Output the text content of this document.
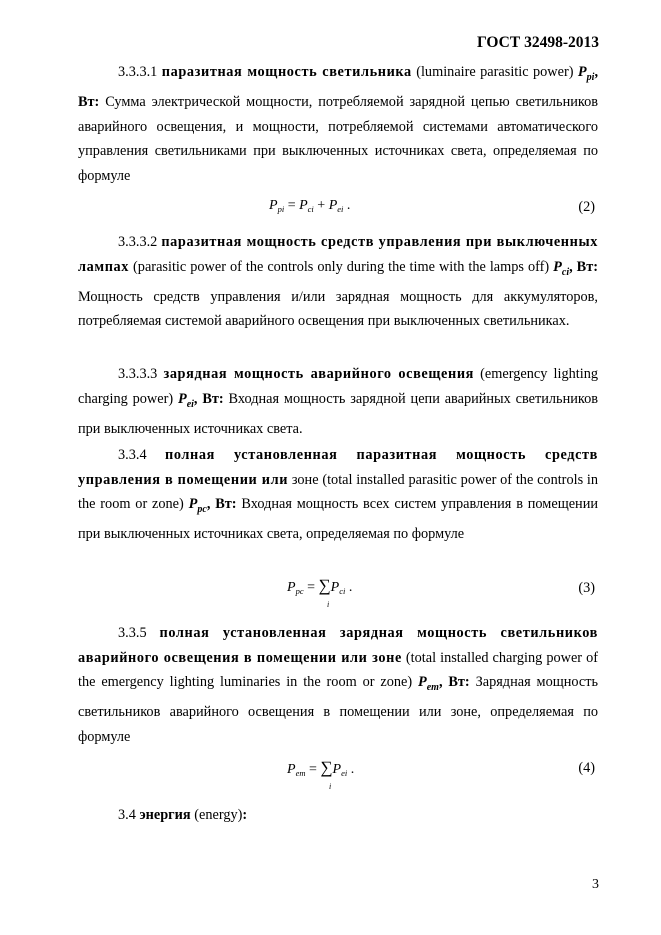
ГОСТ 32498-2013
3.3.3.1 паразитная мощность светильника (luminaire parasitic power) $P_{pi}$, Вт: Сумма электрической мощности, потребляемой зарядной цепью светильников аварийного освещения, и мощности, потребляемой системами автоматического управления светильниками при выключенных источниках света, определяемая по формуле
$P_{pi} = P_{ci} + P_{ei}$ .	(2)
3.3.3.2 паразитная мощность средств управления при выключенных лампах (parasitic power of the controls only during the time with the lamps off) $P_{ci}$, Вт: Мощность средств управления и/или зарядная мощность для аккумуляторов, потребляемая системой аварийного освещения при выключенных светильниках.
3.3.3.3 зарядная мощность аварийного освещения (emergency lighting charging power) $P_{ei}$, Вт: Входная мощность зарядной цепи аварийных светильников при выключенных источниках света.
3.3.4 полная установленная паразитная мощность средств управления в помещении или зоне (total installed parasitic power of the controls in the room or zone) $P_{pc}$, Вт: Входная мощность всех систем управления в помещении при выключенных источниках света, определяемая по формуле
$P_{pc} = \sum P_{ci}$ .
i
(3)
3.3.5 полная установленная зарядная мощность светильников аварийного освещения в помещении или зоне (total installed charging power of the emergency lighting luminaries in the room or zone) $P_{em}$, Вт: Зарядная мощность светильников аварийного освещения в помещении или зоне, определяемая по формуле
$P_{em} = \sum P_{ei}$ .
i
(4)
3.4 энергия (energy):
3
